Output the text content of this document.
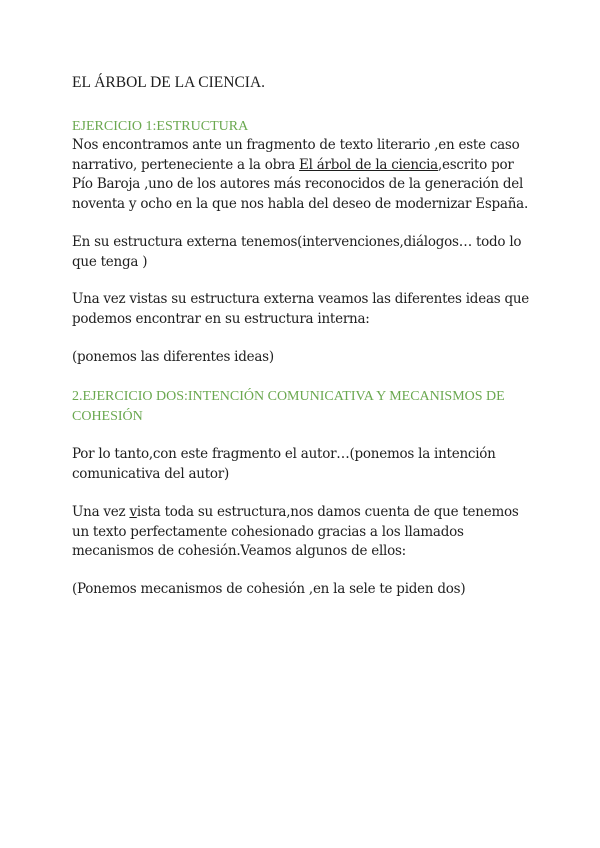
EL ÁRBOL DE LA CIENCIA.
EJERCICIO 1:ESTRUCTURA

Nos encontramos ante un fragmento de texto literario ,en este caso narrativo, perteneciente a la obra El árbol de la ciencia,escrito por Pío Baroja ,uno de los autores más reconocidos de la generación del noventa y ocho en la que nos habla del deseo de modernizar España.

En su estructura externa tenemos(intervenciones,diálogos… todo lo que tenga )

Una vez vistas su estructura externa veamos las diferentes ideas que podemos encontrar en su estructura interna:

(ponemos las diferentes ideas)

2.EJERCICIO DOS:INTENCIÓN COMUNICATIVA Y MECANISMOS DE COHESIÓN

Por lo tanto,con este fragmento el autor…(ponemos la intención comunicativa del autor)

Una vez vista toda su estructura,nos damos cuenta de que tenemos un texto perfectamente cohesionado gracias a los llamados mecanismos de cohesión.Veamos algunos de ellos:

(Ponemos mecanismos de cohesión ,en la sele te piden dos)
